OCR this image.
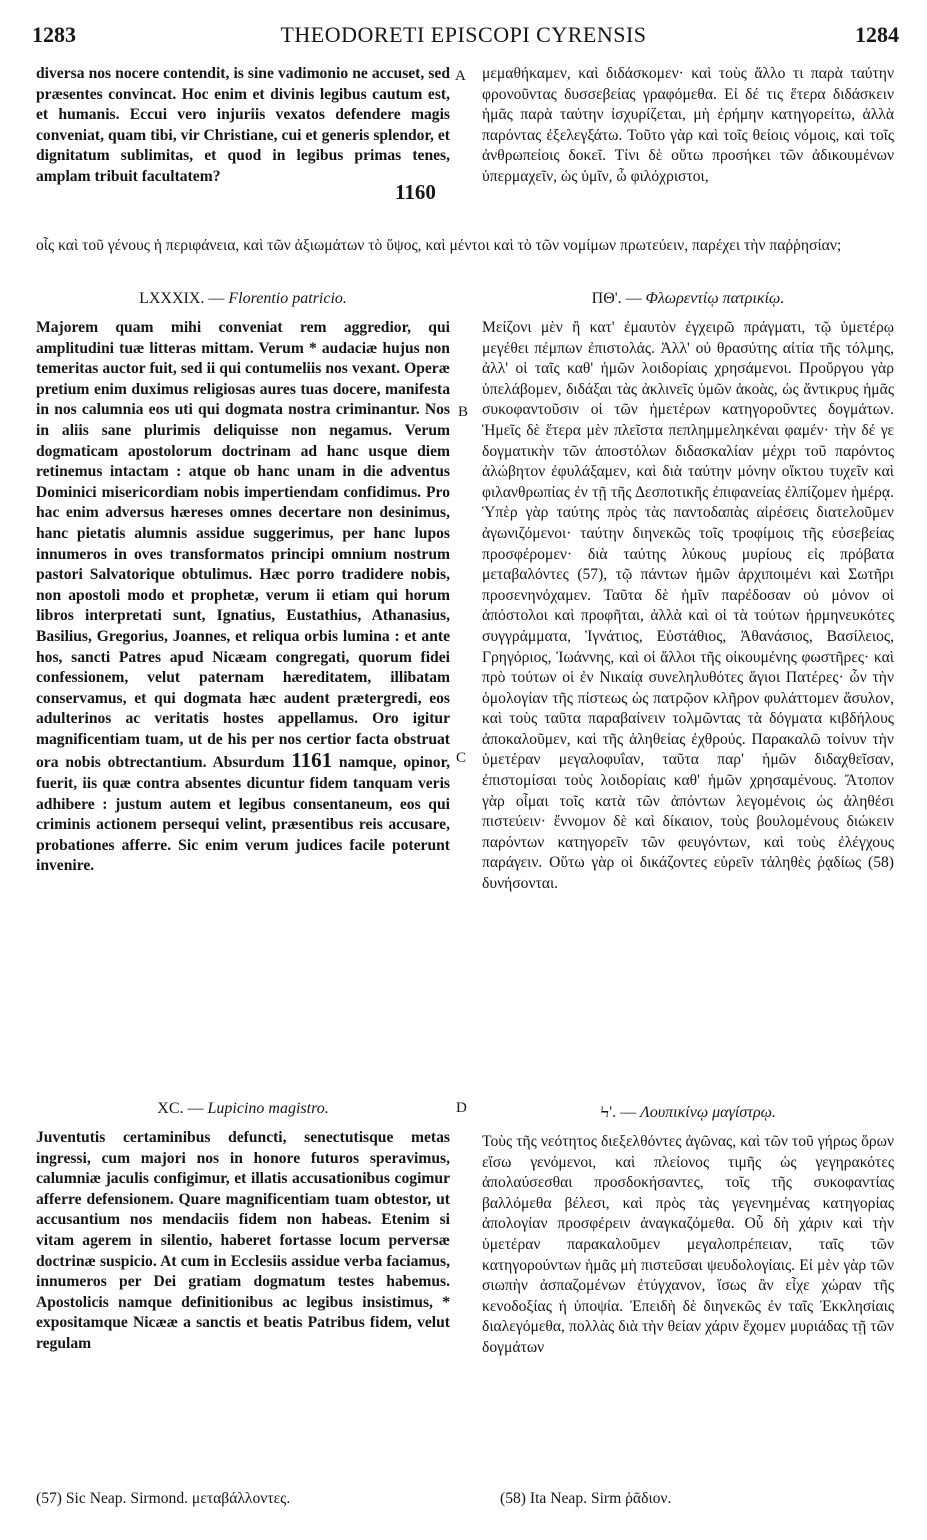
1283	THEODORETI EPISCOPI CYRENSIS	1284
diversa nos nocere contendit, is sine vadimonio ne accuset, sed præsentes convincat. Hoc enim et divinis legibus cautum est, et humanis. Eccui vero injuriis vexatos defendere magis conveniat, quam tibi, vir Christiane, cui et generis splendor, et dignitatum sublimitas, et quod in legibus primas tenes, amplam tribuit facultatem?
1160
A μεμαθήκαμεν, καὶ διδάσκομεν· καὶ τοὺς ἄλλο τι παρὰ ταύτην φρονοῦντας δυσσεβείας γραφόμεθα. Εἰ δέ τις ἕτερα διδάσκειν ἡμᾶς παρὰ ταύτην ἰσχυρίζεται, μὴ ἐρήμην κατηγορείτω, ἀλλὰ παρόντας ἐξελεγξάτω. Τοῦτο γὰρ καὶ τοῖς θείοις νόμοις, καὶ τοῖς ἀνθρωπείοις δοκεῖ. Τίνι δὲ οὕτω προσήκει τῶν ἀδικουμένων ὑπερμαχεῖν, ὡς ὑμῖν, ὦ φιλόχριστοι,
οἷς καὶ τοῦ γένους ἡ περιφάνεια, καὶ τῶν ἀξιωμάτων τὸ ὕψος, καὶ μέντοι καὶ τὸ τῶν νομίμων πρωτεύειν, παρέχει τὴν παῤῥησίαν;
LXXXIX. — Florentio patricio.	ΠΘ'. — Φλωρεντίῳ πατρικίῳ.
Majorem quam mihi conveniat rem aggredior, qui amplitudini tuæ litteras mittam. Verum * audaciæ hujus non temeritas auctor fuit, sed ii qui contumeliis nos vexant. Operæ pretium enim duximus religiosas aures tuas docere, manifesta in nos calumnia eos uti qui dogmata nostra criminantur. Nos in aliis sane plurimis deliquisse non negamus. Verum dogmaticam apostolorum doctrinam ad hanc usque diem retinemus intactam : atque ob hanc unam in die adventus Dominici misericordiam nobis impertiendam confidimus. Pro hac enim adversus hæreses omnes decertare non desinimus, hanc pietatis alumnis assidue suggerimus, per hanc lupos innumeros in oves transformatos principi omnium nostrum pastori Salvatorique obtulimus. Hæc porro tradidere nobis, non apostoli modo et prophetæ, verum ii etiam qui horum libros interpretati sunt, Ignatius, Eustathius, Athanasius, Basilius, Gregorius, Joannes, et reliqua orbis lumina : et ante hos, sancti Patres apud Nicæam congregati, quorum fidei confessionem, velut paternam hæreditatem, illibatam conservamus, et qui dogmata hæc audent prætergredi, eos adulterinos ac veritatis hostes appellamus. Oro igitur magnificentiam tuam, ut de his per nos certior facta obstruat ora nobis obtrectantium. Absurdum 1161 namque, opinor, fuerit, iis quæ contra absentes dicuntur fidem tanquam veris adhibere : justum autem et legibus consentaneum, eos qui criminis actionem persequi velint, præsentibus reis accusare, probationes afferre. Sic enim verum judices facile poterunt invenire.
B
C
Μείζονι μὲν ἢ κατ' ἐμαυτὸν ἐγχειρῶ πράγματι, τῷ ὑμετέρῳ μεγέθει πέμπων ἐπιστολάς. Ἀλλ' οὐ θρασύτης αἰτία τῆς τόλμης, ἀλλ' οἱ ταῖς καθ' ἡμῶν λοιδορίαις χρησάμενοι. Προὔργου γὰρ ὑπελάβομεν, διδάξαι τὰς ἀκλινεῖς ὑμῶν ἀκοὰς, ὡς ἄντικρυς ἡμᾶς συκοφαντοῦσιν οἱ τῶν ἡμετέρων κατηγοροῦντες δογμάτων. Ἡμεῖς δὲ ἕτερα μὲν πλεῖστα πεπλημμεληκέναι φαμέν· τὴν δέ γε δογματικὴν τῶν ἀποστόλων διδασκαλίαν μέχρι τοῦ παρόντος ἀλώβητον ἐφυλάξαμεν, καὶ διὰ ταύτην μόνην οἴκτου τυχεῖν καὶ φιλανθρωπίας ἐν τῇ τῆς Δεσποτικῆς ἐπιφανείας ἐλπίζομεν ἡμέρᾳ. Ὑπὲρ γὰρ ταύτης πρὸς τὰς παντοδαπὰς αἱρέσεις διατελοῦμεν ἀγωνιζόμενοι· ταύτην διηνεκῶς τοῖς τροφίμοις τῆς εὐσεβείας προσφέρομεν· διὰ ταύτης λύκους μυρίους εἰς πρόβατα μεταβαλόντες (57), τῷ πάντων ἡμῶν ἀρχιποιμένι καὶ Σωτῆρι προσενηνόχαμεν. Ταῦτα δὲ ἡμῖν παρέδοσαν οὐ μόνον οἱ ἀπόστολοι καὶ προφῆται, ἀλλὰ καὶ οἱ τὰ τούτων ἡρμηνευκότες συγγράμματα, Ἰγνάτιος, Εὐστάθιος, Ἀθανάσιος, Βασίλειος, Γρηγόριος, Ἰωάννης, καὶ οἱ ἄλλοι τῆς οἰκουμένης φωστῆρες· καὶ πρὸ τούτων οἱ ἐν Νικαίᾳ συνεληλυθότες ἅγιοι Πατέρες· ὧν τὴν ὁμολογίαν τῆς πίστεως ὡς πατρῷον κλῆρον φυλάττομεν ἄσυλον, καὶ τοὺς ταῦτα παραβαίνειν τολμῶντας τὰ δόγματα κιβδήλους ἀποκαλοῦμεν, καὶ τῆς ἀληθείας ἐχθρούς. Παρακαλῶ τοίνυν τὴν ὑμετέραν μεγαλοφυΐαν, ταῦτα παρ' ἡμῶν διδαχθεῖσαν, ἐπιστομίσαι τοὺς λοιδορίαις καθ' ἡμῶν χρησαμένους. Ἄτοπον γὰρ οἶμαι τοῖς κατὰ τῶν ἀπόντων λεγομένοις ὡς ἀληθέσι πιστεύειν· ἔννομον δὲ καὶ δίκαιον, τοὺς βουλομένους διώκειν παρόντων κατηγορεῖν τῶν φευγόντων, καὶ τοὺς ἐλέγχους παράγειν. Οὕτω γὰρ οἱ δικάζοντες εὑρεῖν τἀληθὲς ῥᾳδίως (58) δυνήσονται.
XC. — Lupicino magistro.	D	Ϟ'. — Λουπικίνῳ μαγίστρῳ.
Juventutis certaminibus defuncti, senectutisque metas ingressi, cum majori nos in honore futuros speravimus, calumniæ jaculis configimur, et illatis accusationibus cogimur afferre defensionem. Quare magnificentiam tuam obtestor, ut accusantium nos mendaciis fidem non habeas. Etenim si vitam agerem in silentio, haberet fortasse locum perversæ doctrinæ suspicio. At cum in Ecclesiis assidue verba faciamus, innumeros per Dei gratiam dogmatum testes habemus. Apostolicis namque definitionibus ac legibus insistimus, * expositamque Nicææ a sanctis et beatis Patribus fidem, velut regulam
Τοὺς τῆς νεότητος διεξελθόντες ἀγῶνας, καὶ τῶν τοῦ γήρως ὅρων εἴσω γενόμενοι, καὶ πλείονος τιμῆς ὡς γεγηρακότες ἀπολαύσεσθαι προσδοκήσαντες, τοῖς τῆς συκοφαντίας βαλλόμεθα βέλεσι, καὶ πρὸς τὰς γεγενημένας κατηγορίας ἀπολογίαν προσφέρειν ἀναγκαζόμεθα. Οὗ δὴ χάριν καὶ τὴν ὑμετέραν παρακαλοῦμεν μεγαλοπρέπειαν, ταῖς τῶν κατηγορούντων ἡμᾶς μὴ πιστεῦσαι ψευδολογίαις. Εἰ μὲν γὰρ τῶν σιωπὴν ἀσπαζομένων ἐτύγχανον, ἴσως ἂν εἶχε χώραν τῆς κενοδοξίας ἡ ὑποψία. Ἐπειδὴ δὲ διηνεκῶς ἐν ταῖς Ἐκκλησίαις διαλεγόμεθα, πολλὰς διὰ τὴν θείαν χάριν ἔχομεν μυριάδας τῇ τῶν δογμάτων
(57) Sic Neap. Sirmond. μεταβάλλοντες.	(58) Ita Neap. Sirm ῥᾶδιον.
